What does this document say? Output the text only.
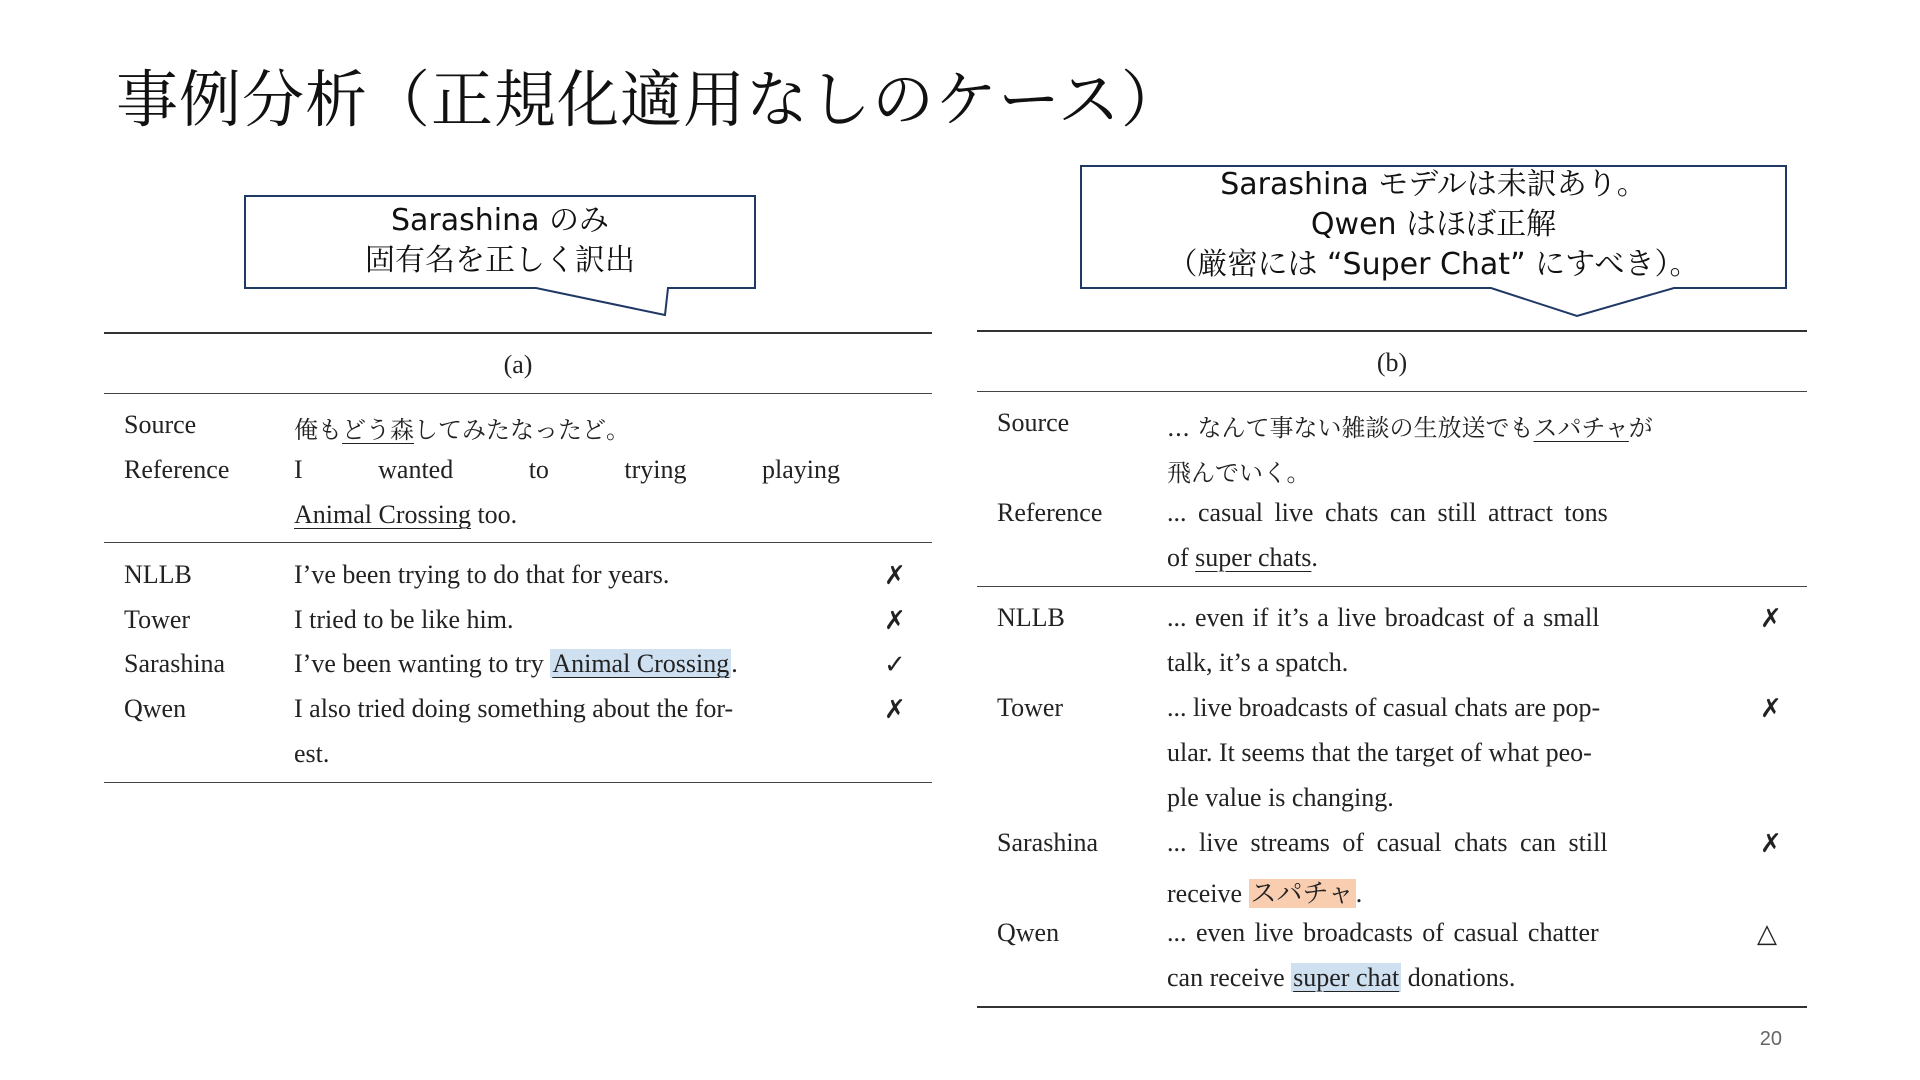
事例分析（正規化適用なしのケース）
Sarashina のみ
固有名を正しく訳出
Sarashina モデルは未訳あり。
Qwen はほぼ正解
（厳密には “Super Chat” にすべき）。
(a)
Source	俺もどう森してみたなったど。
Reference I	wanted	to	trying	playing
Animal Crossing too.
NLLB	I’ve been trying to do that for years.	✗
Tower	I tried to be like him.	✗
Sarashina	I’ve been wanting to try Animal Crossing.	✓
Qwen	I also tried doing something about the for-
est.
✗
(b)
Source	... なんて事ない雑談の生放送でもスパチャが
飛んでいく。
Reference ... casual live chats can still attract tons
of super chats.
NLLB	... even if it’s a live broadcast of a small
talk, it’s a spatch.
✗
Tower	... live broadcasts of casual chats are pop-
ular. It seems that the target of what peo-
ple value is changing.
✗
Sarashina	... live streams of casual chats can still
receive スパチャ.
✗
Qwen	... even live broadcasts of casual chatter
can receive super chat donations.
△
20
